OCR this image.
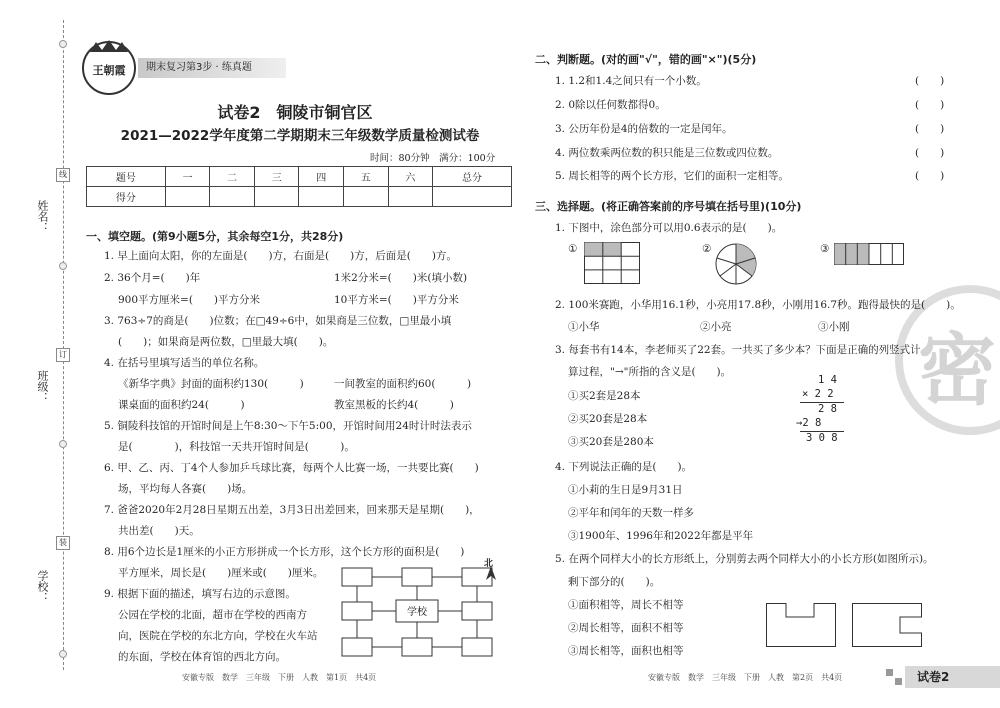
姓名：
班级：
学校：
线
订
装
王朝霞	期末复习第3步 · 练真题
试卷2　铜陵市铜官区
2021—2022学年度第二学期期末三年级数学质量检测试卷
时间：80分钟　满分：100分
题号	一	二	三	四	五	六	总分
得分							
一、填空题。(第9小题5分，其余每空1分，共28分)
1. 早上面向太阳，你的左面是(　　)方，右面是(　　)方，后面是(　　)方。
2. 36个月=(　　)年	1米2分米=(　　)米(填小数)
900平方厘米=(　　)平方分米	10平方米=(　　)平方分米
3. 763÷7的商是(　　)位数；在□49÷6中，如果商是三位数，□里最小填
(　　)；如果商是两位数，□里最大填(　　)。
4. 在括号里填写适当的单位名称。
《新华字典》封面的面积约130(　　　)	一间教室的面积约60(　　　)
课桌面的面积约24(　　　)	教室黑板的长约4(　　　)
5. 铜陵科技馆的开馆时间是上午8:30～下午5:00，开馆时间用24时计时法表示
是(　　　　)，科技馆一天共开馆时间是(　　　)。
6. 甲、乙、丙、丁4个人参加乒乓球比赛，每两个人比赛一场，一共要比赛(　　)
场，平均每人各赛(　　)场。
7. 爸爸2020年2月28日星期五出差，3月3日出差回来，回来那天是星期(　　)，
共出差(　　)天。
8. 用6个边长是1厘米的小正方形拼成一个长方形，这个长方形的面积是(　　)
平方厘米，周长是(　　)厘米或(　　)厘米。
9. 根据下面的描述，填写右边的示意图。
公园在学校的北面，超市在学校的西南方
向，医院在学校的东北方向，学校在火车站
的东面，学校在体育馆的西北方向。
学校
北
安徽专版　数学　三年级　下册　人教　第1页　共4页
密
二、判断题。(对的画"√"，错的画"×")(5分)
1. 1.2和1.4之间只有一个小数。
2. 0除以任何数都得0。
3. 公历年份是4的倍数的一定是闰年。
4. 两位数乘两位数的积只能是三位数或四位数。
5. 周长相等的两个长方形，它们的面积一定相等。
(　　)
(　　)
(　　)
(　　)
(　　)
三、选择题。(将正确答案前的序号填在括号里)(10分)
1. 下图中，涂色部分可以用0.6表示的是(　　)。
①	②	③
2. 100米赛跑，小华用16.1秒，小亮用17.8秒，小刚用16.7秒。跑得最快的是(　　)。
①小华	②小亮	③小刚
3. 每套书有14本，李老师买了22套。一共买了多少本？下面是正确的列竖式计
算过程，"→"所指的含义是(　　)。
①买2套是28本
②买20套是28本
③买20套是280本
1 4
× 2 2
2 8
→2 8
3 0 8
4. 下列说法正确的是(　　)。
①小莉的生日是9月31日
②平年和闰年的天数一样多
③1900年、1996年和2022年都是平年
5. 在两个同样大小的长方形纸上，分别剪去两个同样大小的小长方形(如图所示)。
剩下部分的(　　)。
①面积相等，周长不相等
②周长相等，面积不相等
③周长相等，面积也相等
安徽专版　数学　三年级　下册　人教　第2页　共4页	试卷2
